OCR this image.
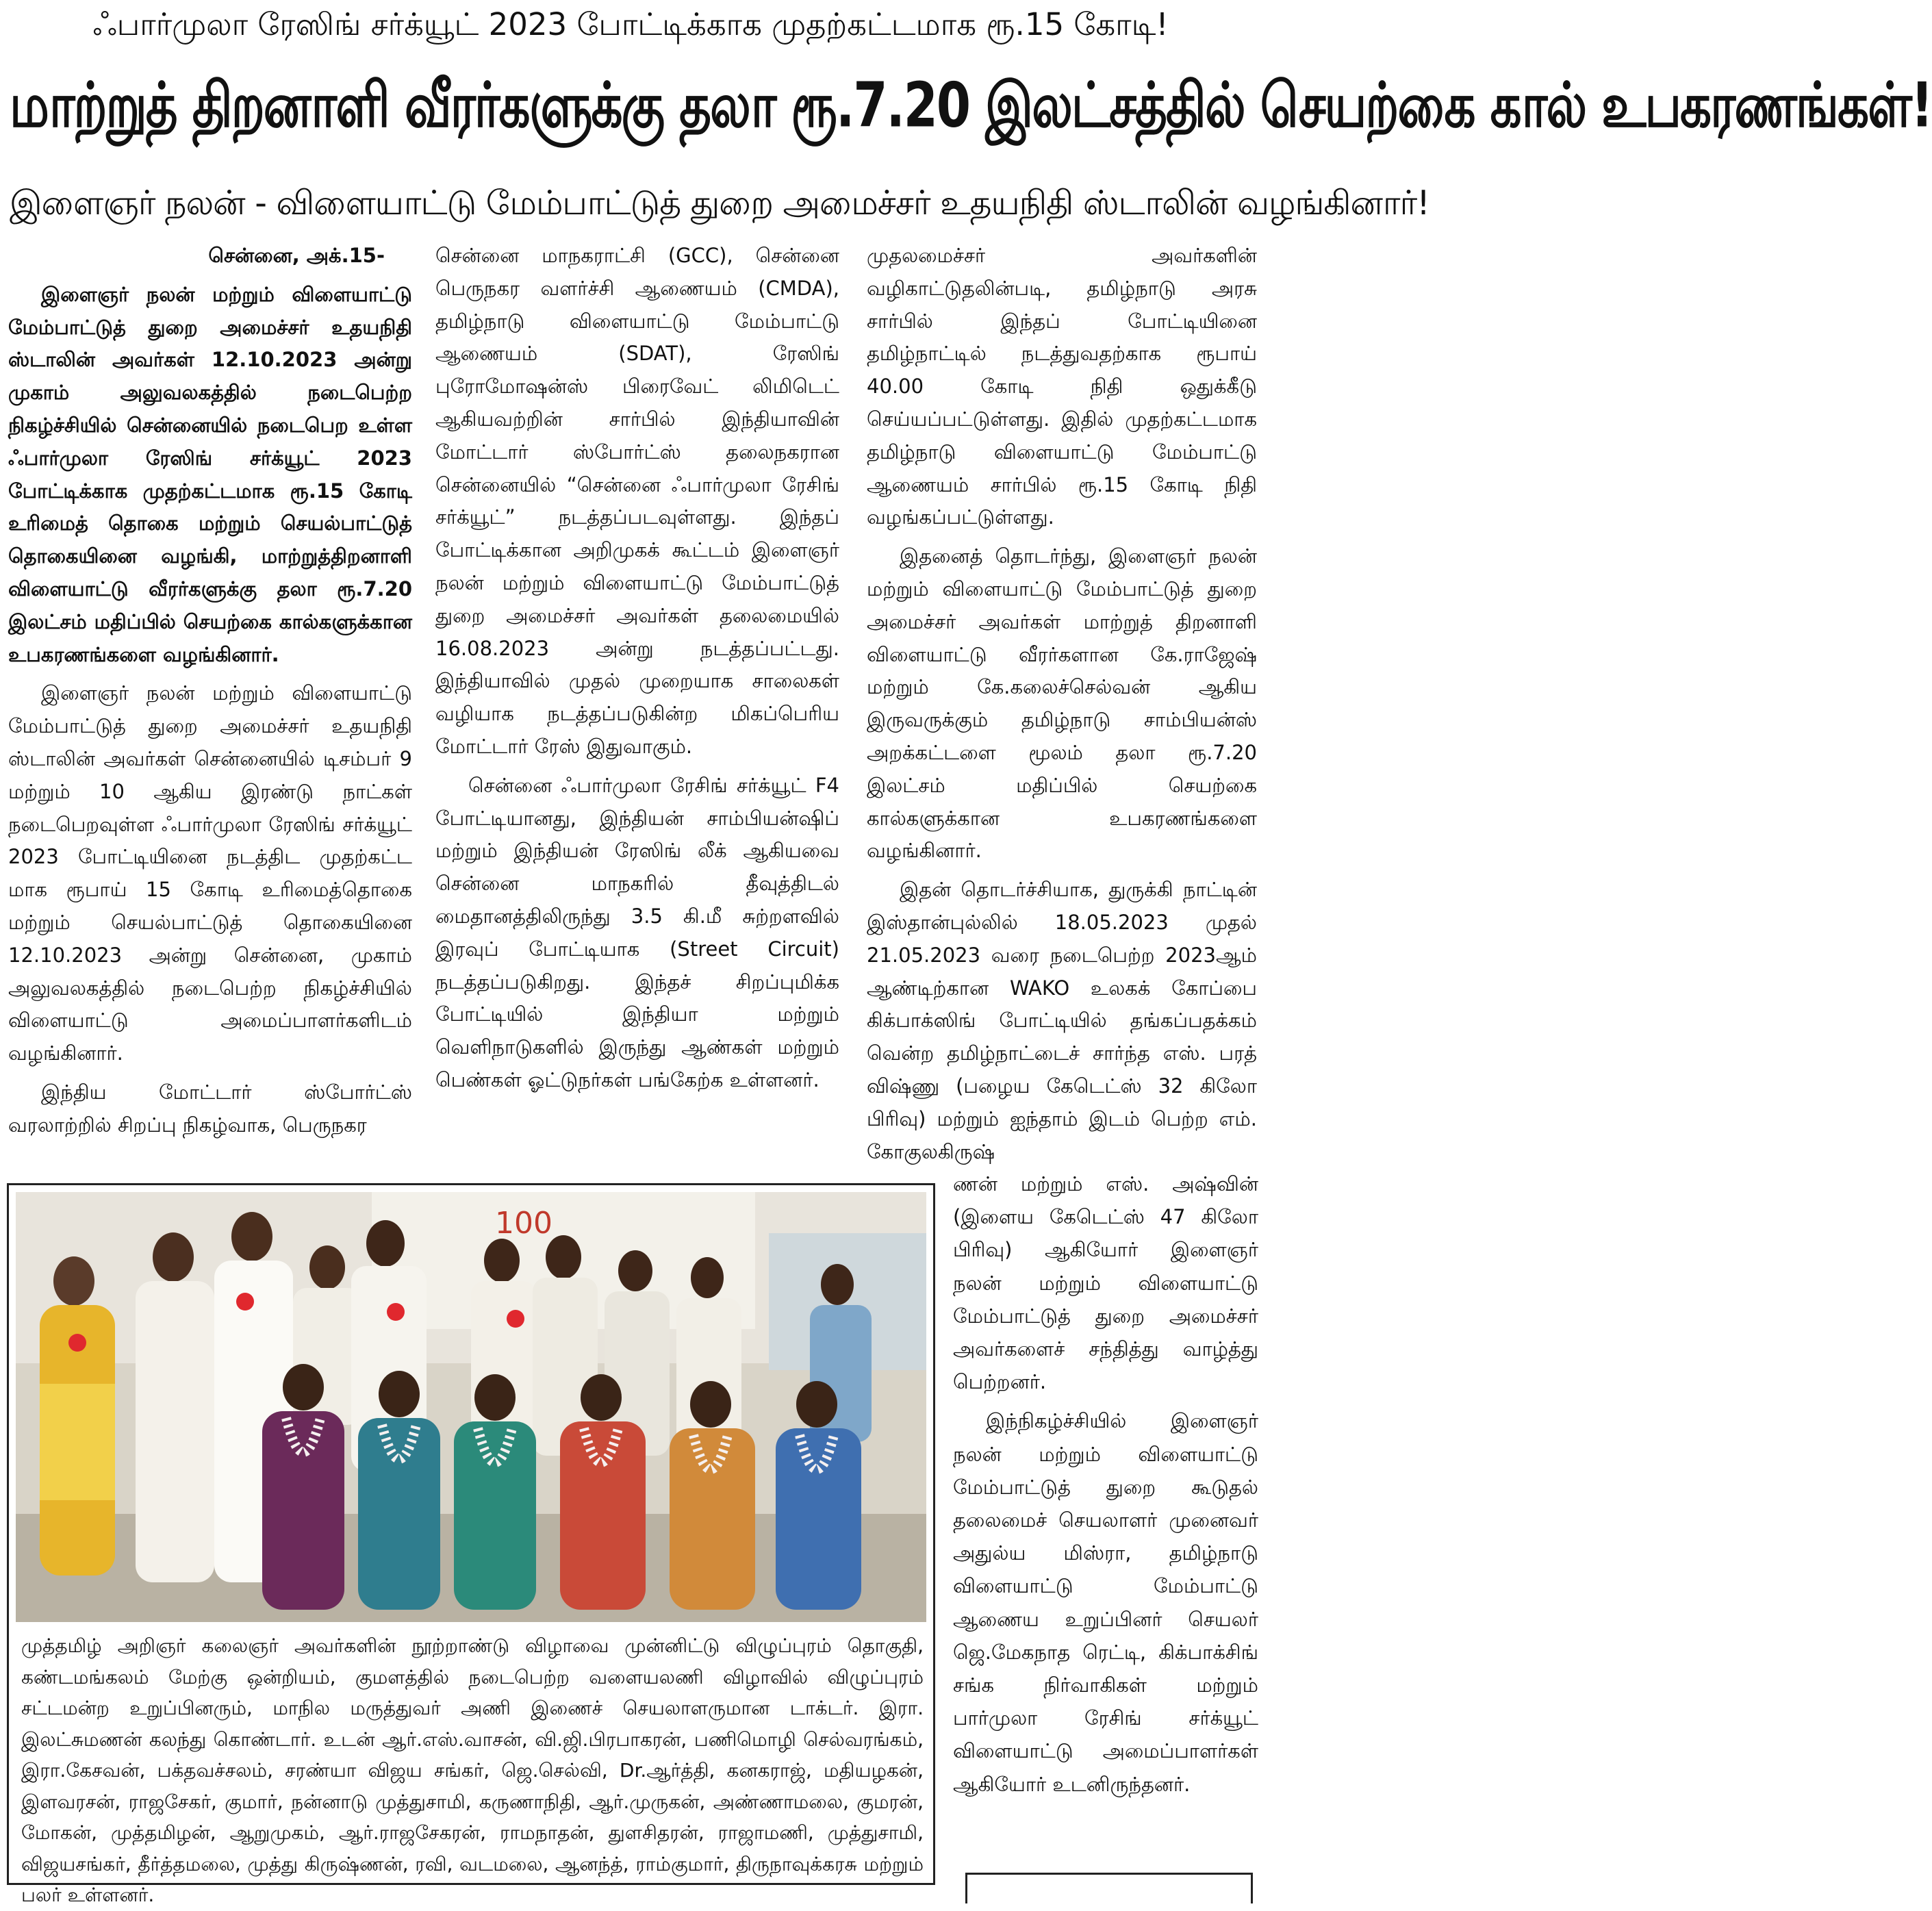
ஃபார்முலா ரேஸிங் சர்க்யூட் 2023 போட்டிக்காக முதற்கட்டமாக ரூ.15 கோடி!
மாற்றுத் திறனாளி வீரர்களுக்கு தலா ரூ.7.20 இலட்சத்தில் செயற்கை கால் உபகரணங்கள்!
இளைஞர் நலன் - விளையாட்டு மேம்பாட்டுத் துறை அமைச்சர் உதயநிதி ஸ்டாலின் வழங்கினார்!

சென்னை, அக்.15-

இளைஞர் நலன் மற்றும் விளையாட்டு மேம்பாட்டுத் துறை அமைச்சர் உதயநிதி ஸ்டாலின் அவர்கள் 12.10.2023 அன்று முகாம் அலுவலகத்தில் நடைபெற்ற நிகழ்ச்சியில் சென்னையில் நடைபெற உள்ள ஃபார்முலா ரேஸிங் சர்க்யூட் 2023 போட்டிக்காக முதற்கட்டமாக ரூ.15 கோடி உரிமைத் தொகை மற்றும் செயல்பாட்டுத் தொகையினை வழங்கி, மாற்றுத்திறனாளி விளையாட்டு வீரர்களுக்கு தலா ரூ.7.20 இலட்சம் மதிப்பில் செயற்கை கால்களுக்கான உபகரணங்களை வழங்கினார்.

இளைஞர் நலன் மற்றும் விளையாட்டு மேம்பாட்டுத் துறை அமைச்சர் உதயநிதி ஸ்டாலின் அவர்கள் சென்னையில் டிசம்பர் 9 மற்றும் 10 ஆகிய இரண்டு நாட்கள் நடைபெறவுள்ள ஃபார்முலா ரேஸிங் சர்க்யூட் 2023 போட்டியினை நடத்திட முதற்கட்ட மாக ரூபாய் 15 கோடி உரிமைத்தொகை மற்றும் செயல்பாட்டுத் தொகையினை 12.10.2023 அன்று சென்னை, முகாம் அலுவலகத்தில் நடைபெற்ற நிகழ்ச்சியில் விளையாட்டு அமைப்பாளர்களிடம் வழங்கினார்.

இந்திய மோட்டார் ஸ்போர்ட்ஸ் வரலாற்றில் சிறப்பு நிகழ்வாக, பெருநகர

சென்னை மாநகராட்சி (GCC), சென்னை பெருநகர வளர்ச்சி ஆணையம் (CMDA), தமிழ்நாடு விளையாட்டு மேம்பாட்டு ஆணையம் (SDAT), ரேஸிங் புரோமோஷன்ஸ் பிரைவேட் லிமிடெட் ஆகியவற்றின் சார்பில் இந்தியாவின் மோட்டார் ஸ்போர்ட்ஸ் தலைநகரான சென்னையில் “சென்னை ஃபார்முலா ரேசிங் சர்க்யூட்” நடத்தப்படவுள்ளது. இந்தப் போட்டிக்கான அறிமுகக் கூட்டம் இளைஞர் நலன் மற்றும் விளையாட்டு மேம்பாட்டுத் துறை அமைச்சர் அவர்கள் தலைமையில் 16.08.2023 அன்று நடத்தப்பட்டது. இந்தியாவில் முதல் முறையாக சாலைகள் வழியாக நடத்தப்படுகின்ற மிகப்பெரிய மோட்டார் ரேஸ் இதுவாகும்.

சென்னை ஃபார்முலா ரேசிங் சர்க்யூட் F4 போட்டியானது, இந்தியன் சாம்பியன்ஷிப் மற்றும் இந்தியன் ரேஸிங் லீக் ஆகியவை சென்னை மாநகரில் தீவுத்திடல் மைதானத்திலிருந்து 3.5 கி.மீ சுற்றளவில் இரவுப் போட்டியாக (Street Circuit) நடத்தப்படுகிறது. இந்தச் சிறப்புமிக்க போட்டியில் இந்தியா மற்றும் வெளிநாடுகளில் இருந்து ஆண்கள் மற்றும் பெண்கள் ஓட்டுநர்கள் பங்கேற்க உள்ளனர்.

முதலமைச்சர் அவர்களின் வழிகாட்டுதலின்படி, தமிழ்நாடு அரசு சார்பில் இந்தப் போட்டியினை தமிழ்நாட்டில் நடத்துவதற்காக ரூபாய் 40.00 கோடி நிதி ஒதுக்கீடு செய்யப்பட்டுள்ளது. இதில் முதற்கட்டமாக தமிழ்நாடு விளையாட்டு மேம்பாட்டு ஆணையம் சார்பில் ரூ.15 கோடி நிதி வழங்கப்பட்டுள்ளது.

இதனைத் தொடர்ந்து, இளைஞர் நலன் மற்றும் விளையாட்டு மேம்பாட்டுத் துறை அமைச்சர் அவர்கள் மாற்றுத் திறனாளி விளையாட்டு வீரர்களான கே.ராஜேஷ் மற்றும் கே.கலைச்செல்வன் ஆகிய இருவருக்கும் தமிழ்நாடு சாம்பியன்ஸ் அறக்கட்டளை மூலம் தலா ரூ.7.20 இலட்சம் மதிப்பில் செயற்கை கால்களுக்கான உபகரணங்களை வழங்கினார்.

இதன் தொடர்ச்சியாக, துருக்கி நாட்டின் இஸ்தான்புல்லில் 18.05.2023 முதல் 21.05.2023 வரை நடைபெற்ற 2023ஆம் ஆண்டிற்கான WAKO உலகக் கோப்பை கிக்பாக்ஸிங் போட்டியில் தங்கப்பதக்கம் வென்ற தமிழ்நாட்டைச் சார்ந்த எஸ். பரத் விஷ்ணு (பழைய கேடெட்ஸ் 32 கிலோ பிரிவு) மற்றும் ஐந்தாம் இடம் பெற்ற எம். கோகுலகிருஷ்

ணன் மற்றும் எஸ். அஷ்வின் (இளைய கேடெட்ஸ் 47 கிலோ பிரிவு) ஆகியோர் இளைஞர் நலன் மற்றும் விளையாட்டு மேம்பாட்டுத் துறை அமைச்சர் அவர்களைச் சந்தித்து வாழ்த்து பெற்றனர்.

இந்நிகழ்ச்சியில் இளைஞர் நலன் மற்றும் விளையாட்டு மேம்பாட்டுத் துறை கூடுதல் தலைமைச் செயலாளர் முனைவர் அதுல்ய மிஸ்ரா, தமிழ்நாடு விளையாட்டு மேம்பாட்டு ஆணைய உறுப்பினர் செயலர் ஜெ.மேகநாத ரெட்டி, கிக்பாக்சிங் சங்க நிர்வாகிகள் மற்றும் பார்முலா ரேசிங் சர்க்யூட் விளையாட்டு அமைப்பாளர்கள் ஆகியோர் உடனிருந்தனர்.

100
முத்தமிழ் அறிஞர் கலைஞர் அவர்களின் நூற்றாண்டு விழாவை முன்னிட்டு விழுப்புரம் தொகுதி, கண்டமங்கலம் மேற்கு ஒன்றியம், குமளத்தில் நடைபெற்ற வளையலணி விழாவில் விழுப்புரம் சட்டமன்ற உறுப்பினரும், மாநில மருத்துவர் அணி இணைச் செயலாளருமான டாக்டர். இரா. இலட்சுமணன் கலந்து கொண்டார். உடன் ஆர்.எஸ்.வாசன், வி.ஜி.பிரபாகரன், பணிமொழி செல்வரங்கம், இரா.கேசவன், பக்தவச்சலம், சரண்யா விஜய சங்கர், ஜெ.செல்வி, Dr.ஆர்த்தி, கனகராஜ், மதியழகன், இளவரசன், ராஜசேகர், குமார், நன்னாடு முத்துசாமி, கருணாநிதி, ஆர்.முருகன், அண்ணாமலை, குமரன், மோகன், முத்தமிழன், ஆறுமுகம், ஆர்.ராஜசேகரன், ராமநாதன், துளசிதரன், ராஜாமணி, முத்துசாமி, விஜயசங்கர், தீர்த்தமலை, முத்து கிருஷ்ணன், ரவி, வடமலை, ஆனந்த், ராம்குமார், திருநாவுக்கரசு மற்றும் பலர் உள்ளனர்.
